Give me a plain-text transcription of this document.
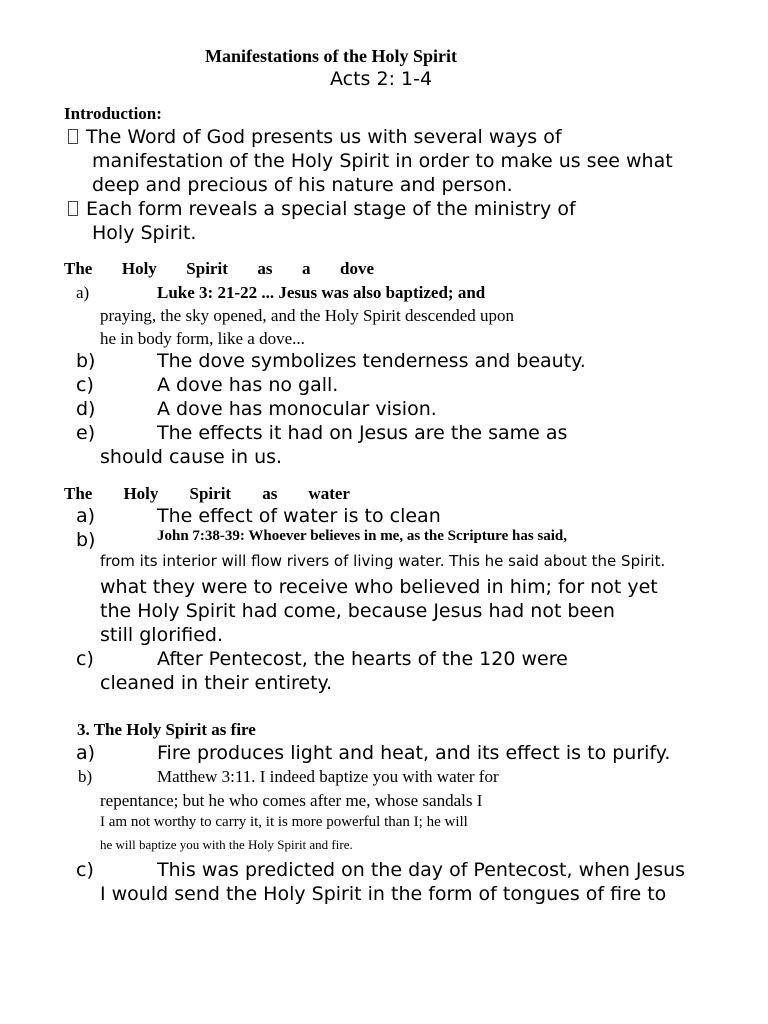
Manifestations of the Holy Spirit
Acts 2: 1-4
Introduction:
The Word of God presents us with several ways of
manifestation of the Holy Spirit in order to make us see what
deep and precious of his nature and person.
Each form reveals a special stage of the ministry of
Holy Spirit.
The Holy Spirit as a dove
a)	Luke 3: 21-22 ... Jesus was also baptized; and
praying, the sky opened, and the Holy Spirit descended upon
he in body form, like a dove...
b)	The dove symbolizes tenderness and beauty.
c)	A dove has no gall.
d)	A dove has monocular vision.
e)	The effects it had on Jesus are the same as
should cause in us.
The Holy Spirit as water
a)	The effect of water is to clean
b)	John 7:38-39: Whoever believes in me, as the Scripture has said,
from its interior will flow rivers of living water. This he said about the Spirit.
what they were to receive who believed in him; for not yet
the Holy Spirit had come, because Jesus had not been
still glorified.
c)	After Pentecost, the hearts of the 120 were
cleaned in their entirety.
3. The Holy Spirit as fire
a)	Fire produces light and heat, and its effect is to purify.
b)	Matthew 3:11. I indeed baptize you with water for
repentance; but he who comes after me, whose sandals I
I am not worthy to carry it, it is more powerful than I; he will
he will baptize you with the Holy Spirit and fire.
c)	This was predicted on the day of Pentecost, when Jesus
I would send the Holy Spirit in the form of tongues of fire to
